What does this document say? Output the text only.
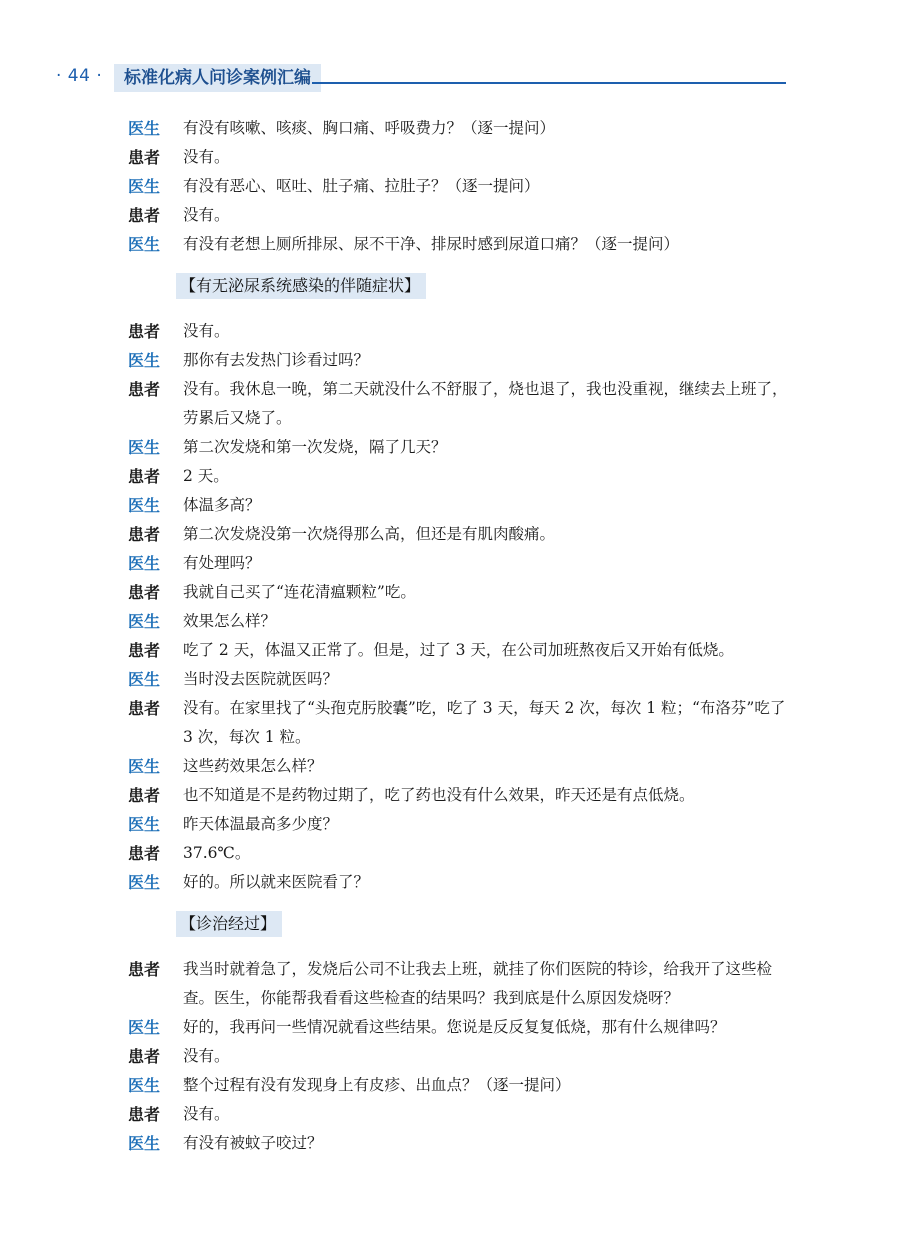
· 44 ·	标准化病人问诊案例汇编
医生	有没有咳嗽、咳痰、胸口痛、呼吸费力？（逐一提问）
患者	没有。
医生	有没有恶心、呕吐、肚子痛、拉肚子？（逐一提问）
患者	没有。
医生	有没有老想上厕所排尿、尿不干净、排尿时感到尿道口痛？（逐一提问）
【有无泌尿系统感染的伴随症状】
患者	没有。
医生	那你有去发热门诊看过吗？
患者	没有。我休息一晚，第二天就没什么不舒服了，烧也退了，我也没重视，继续去上班了，劳累后又烧了。
医生	第二次发烧和第一次发烧，隔了几天？
患者	2 天。
医生	体温多高？
患者	第二次发烧没第一次烧得那么高，但还是有肌肉酸痛。
医生	有处理吗？
患者	我就自己买了“连花清瘟颗粒”吃。
医生	效果怎么样？
患者	吃了 2 天，体温又正常了。但是，过了 3 天，在公司加班熬夜后又开始有低烧。
医生	当时没去医院就医吗？
患者	没有。在家里找了“头孢克肟胶囊”吃，吃了 3 天，每天 2 次，每次 1 粒；“布洛芬”吃了 3 次，每次 1 粒。
医生	这些药效果怎么样？
患者	也不知道是不是药物过期了，吃了药也没有什么效果，昨天还是有点低烧。
医生	昨天体温最高多少度？
患者	37.6℃。
医生	好的。所以就来医院看了？
【诊治经过】
患者	我当时就着急了，发烧后公司不让我去上班，就挂了你们医院的特诊，给我开了这些检查。医生，你能帮我看看这些检查的结果吗？我到底是什么原因发烧呀？
医生	好的，我再问一些情况就看这些结果。您说是反反复复低烧，那有什么规律吗？
患者	没有。
医生	整个过程有没有发现身上有皮疹、出血点？（逐一提问）
患者	没有。
医生	有没有被蚊子咬过？
